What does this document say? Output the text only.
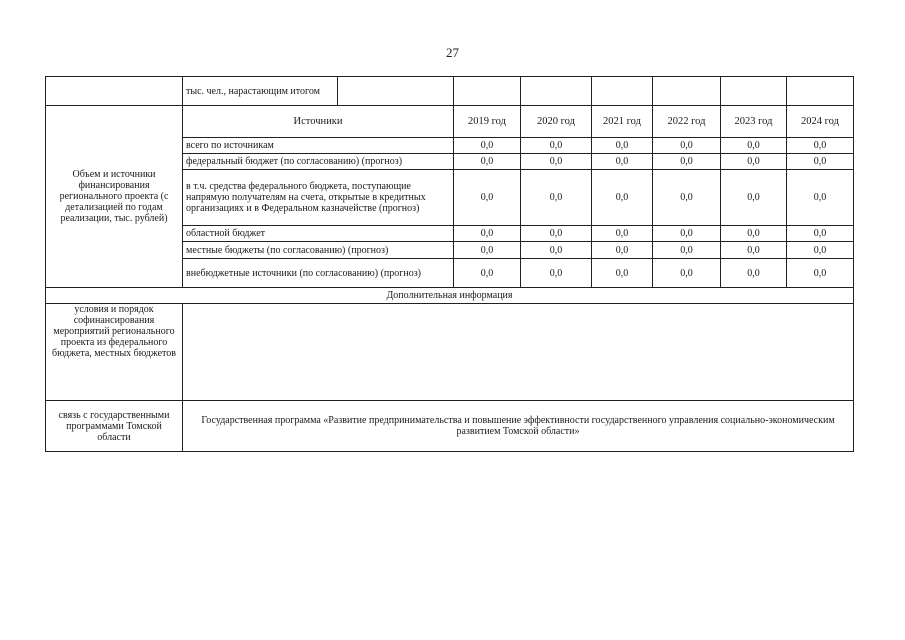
27
	тыс. чел., нарастающим итогом							
Объем и источники финансирования регионального проекта (с детализацией по годам реализации, тыс. рублей)	Источники		2019 год	2020 год	2021 год	2022 год	2023 год	2024 год
	всего по источникам		0,0	0,0	0,0	0,0	0,0	0,0
	федеральный бюджет (по согласованию) (прогноз)		0,0	0,0	0,0	0,0	0,0	0,0
	в т.ч. средства федерального бюджета, поступающие напрямую получателям на счета, открытые в кредитных организациях и в Федеральном казначействе (прогноз)		0,0	0,0	0,0	0,0	0,0	0,0
	областной бюджет		0,0	0,0	0,0	0,0	0,0	0,0
	местные бюджеты (по согласованию) (прогноз)		0,0	0,0	0,0	0,0	0,0	0,0
	внебюджетные источники (по согласованию) (прогноз)		0,0	0,0	0,0	0,0	0,0	0,0
Дополнительная информация								
условия и порядок софинансирования мероприятий регионального проекта из федерального бюджета, местных бюджетов								
связь с государственными программами Томской области	Государственная программа «Развитие предпринимательства и повышение эффективности государственного управления социально-экономическим развитием Томской области»							
